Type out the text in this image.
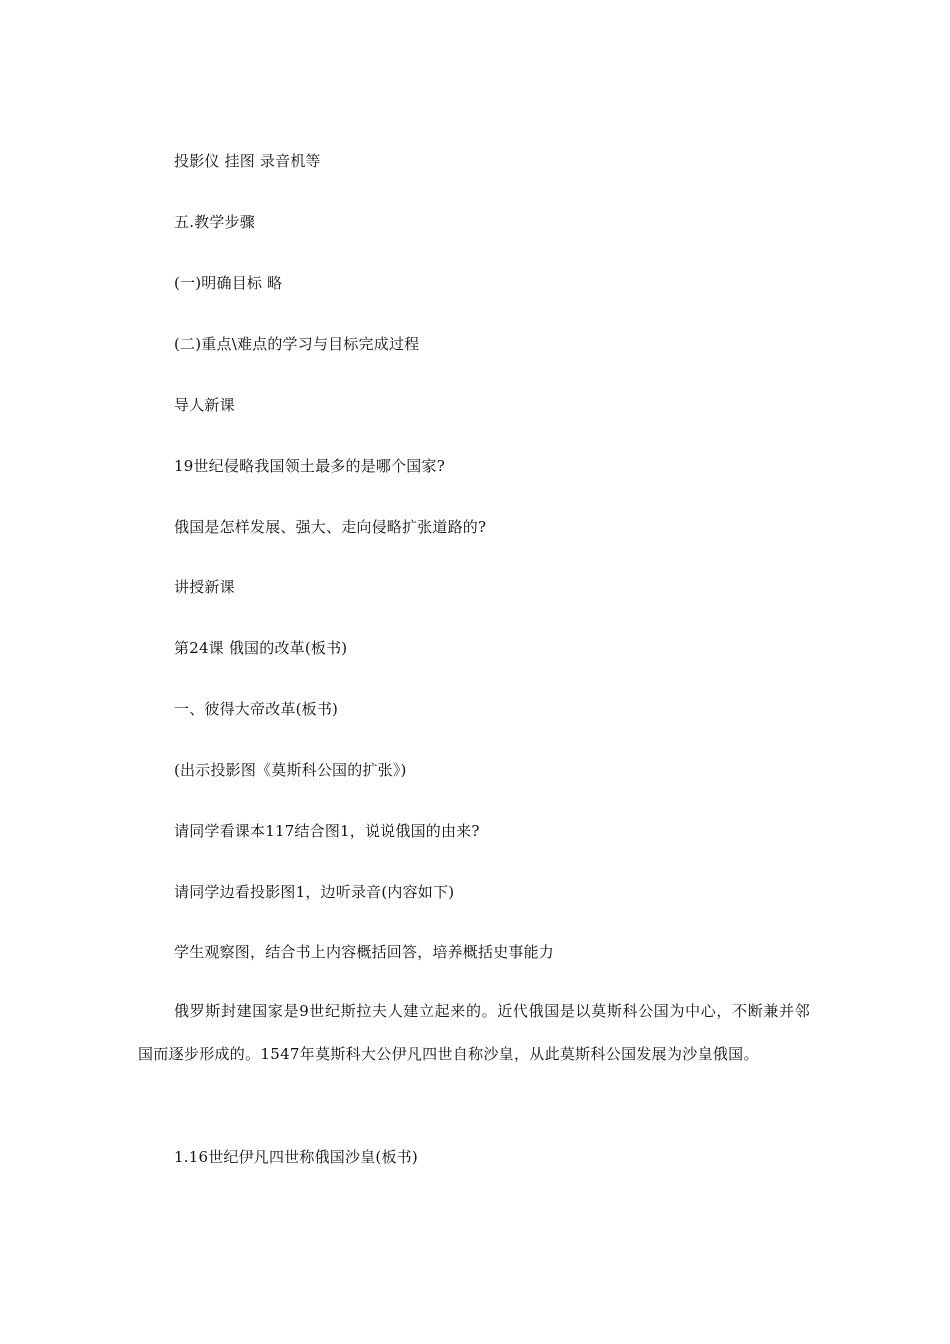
投影仪 挂图 录音机等
五.教学步骤
(一)明确目标 略
(二)重点\难点的学习与目标完成过程
导人新课
19世纪侵略我国领土最多的是哪个国家?
俄国是怎样发展、强大、走向侵略扩张道路的?
讲授新课
第24课 俄国的改革(板书)
一、彼得大帝改革(板书)
(出示投影图《莫斯科公国的扩张》)
请同学看课本117结合图1，说说俄国的由来?
请同学边看投影图1，边听录音(内容如下)
学生观察图，结合书上内容概括回答，培养概括史事能力
俄罗斯封建国家是9世纪斯拉夫人建立起来的。近代俄国是以莫斯科公国为中心，不断兼并邻国而逐步形成的。1547年莫斯科大公伊凡四世自称沙皇，从此莫斯科公国发展为沙皇俄国。
1.16世纪伊凡四世称俄国沙皇(板书)
